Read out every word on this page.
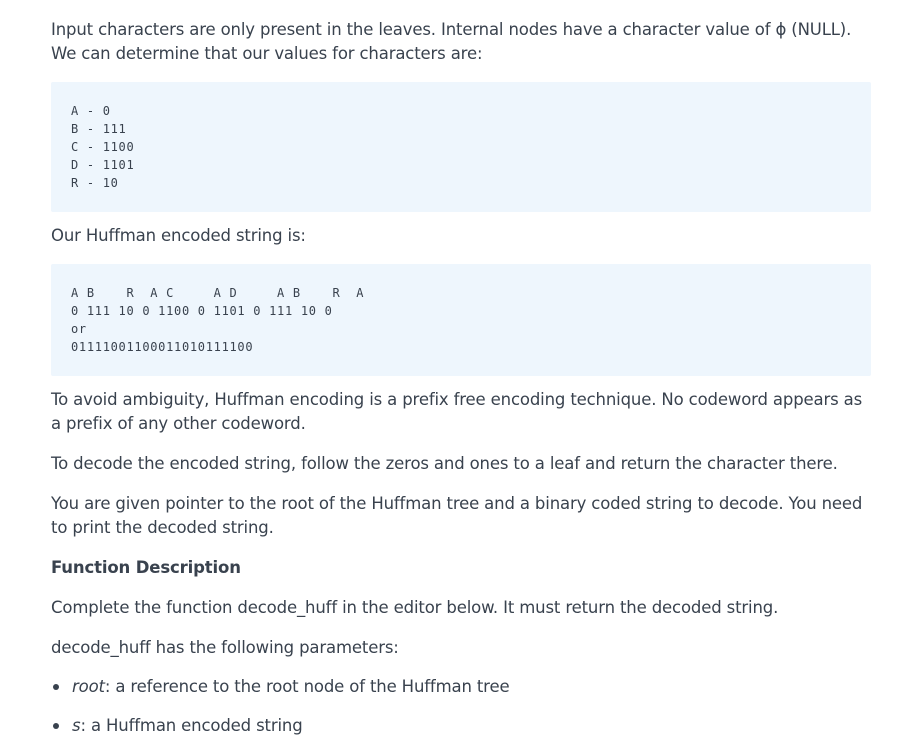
Input characters are only present in the leaves. Internal nodes have a character value of ϕ (NULL). We can determine that our values for characters are:

A - 0
B - 111
C - 1100
D - 1101
R - 10

Our Huffman encoded string is:

A B    R  A C     A D     A B    R  A
0 111 10 0 1100 0 1101 0 111 10 0
or
01111001100011010111100

To avoid ambiguity, Huffman encoding is a prefix free encoding technique. No codeword appears as a prefix of any other codeword.

To decode the encoded string, follow the zeros and ones to a leaf and return the character there.

You are given pointer to the root of the Huffman tree and a binary coded string to decode. You need to print the decoded string.

Function Description

Complete the function decode_huff in the editor below. It must return the decoded string.

decode_huff has the following parameters:

root: a reference to the root node of the Huffman tree
s: a Huffman encoded string
